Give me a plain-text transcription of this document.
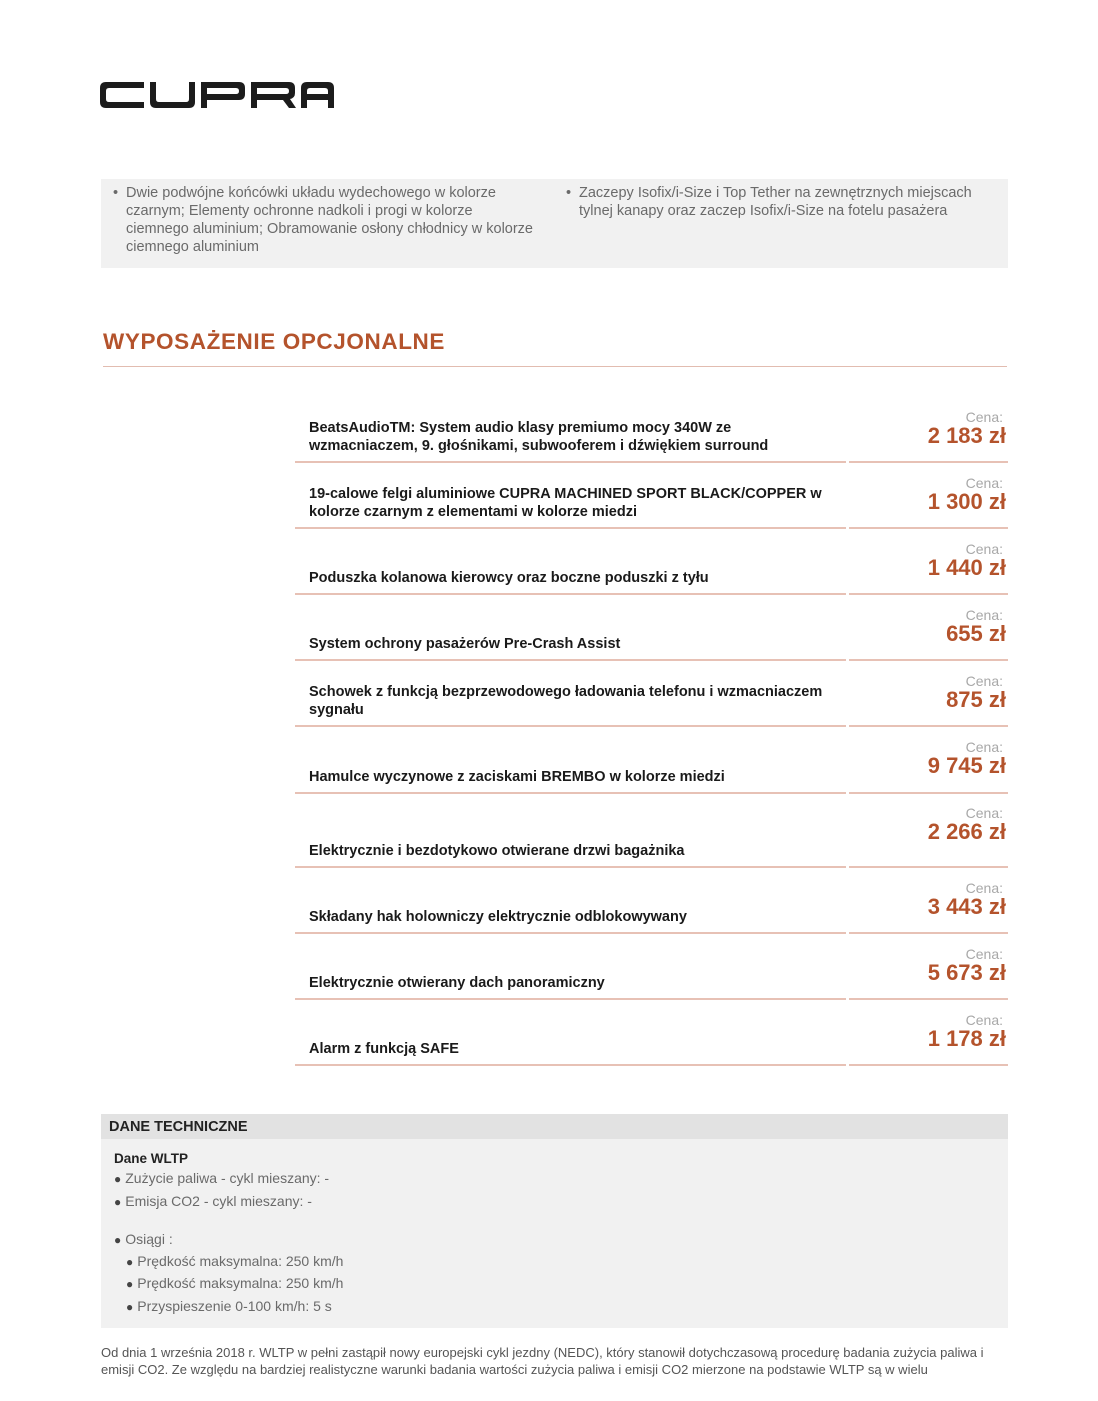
• Dwie podwójne końcówki układu wydechowego w kolorze czarnym; Elementy ochronne nadkoli i progi w kolorze ciemnego aluminium; Obramowanie osłony chłodnicy w kolorze ciemnego aluminium
• Zaczepy Isofix/i-Size i Top Tether na zewnętrznych miejscach tylnej kanapy oraz zaczep Isofix/i-Size na fotelu pasażera
WYPOSAŻENIE OPCJONALNE
BeatsAudioTM: System audio klasy premiumo mocy 340W ze wzmacniaczem, 9. głośnikami, subwooferem i dźwiękiem surround
Cena:
2 183 zł
19-calowe felgi aluminiowe CUPRA MACHINED SPORT BLACK/COPPER w kolorze czarnym z elementami w kolorze miedzi
Cena:
1 300 zł
Poduszka kolanowa kierowcy oraz boczne poduszki z tyłu
Cena:
1 440 zł
System ochrony pasażerów Pre-Crash Assist
Cena:
655 zł
Schowek z funkcją bezprzewodowego ładowania telefonu i wzmacniaczem sygnału
Cena:
875 zł
Hamulce wyczynowe z zaciskami BREMBO w kolorze miedzi
Cena:
9 745 zł
Elektrycznie i bezdotykowo otwierane drzwi bagażnika
Cena:
2 266 zł
Składany hak holowniczy elektrycznie odblokowywany
Cena:
3 443 zł
Elektrycznie otwierany dach panoramiczny
Cena:
5 673 zł
Alarm z funkcją SAFE
Cena:
1 178 zł
DANE TECHNICZNE
Dane WLTP
● Zużycie paliwa - cykl mieszany: -
● Emisja CO2 - cykl mieszany: -
● Osiągi :
● Prędkość maksymalna: 250 km/h
● Prędkość maksymalna: 250 km/h
● Przyspieszenie 0-100 km/h: 5 s
Od dnia 1 września 2018 r. WLTP w pełni zastąpił nowy europejski cykl jezdny (NEDC), który stanowił dotychczasową procedurę badania zużycia paliwa i emisji CO2. Ze względu na bardziej realistyczne warunki badania wartości zużycia paliwa i emisji CO2 mierzone na podstawie WLTP są w wielu
